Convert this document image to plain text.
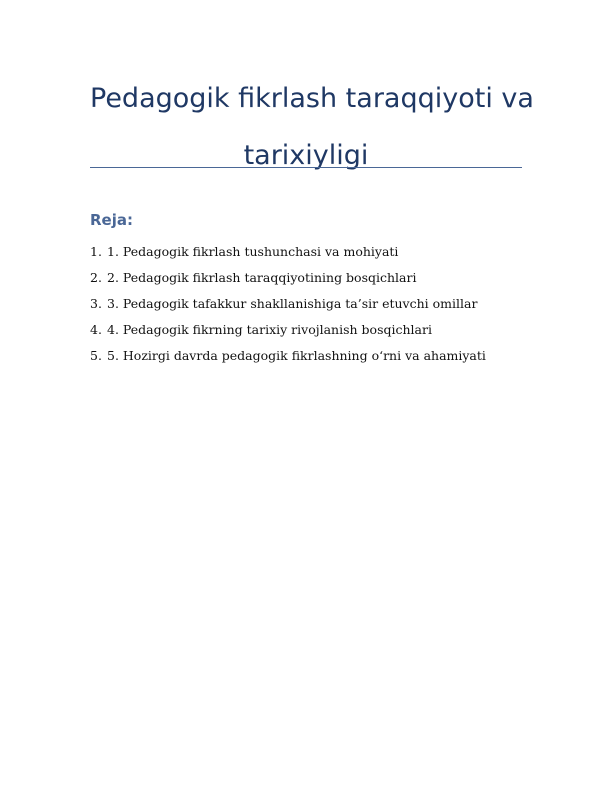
Pedagogik fikrlash taraqqiyoti va
tarixiyligi
Reja:
1. 1. Pedagogik fikrlash tushunchasi va mohiyati
2. 2. Pedagogik fikrlash taraqqiyotining bosqichlari
3. 3. Pedagogik tafakkur shakllanishiga ta’sir etuvchi omillar
4. 4. Pedagogik fikrning tarixiy rivojlanish bosqichlari
5. 5. Hozirgi davrda pedagogik fikrlashning o‘rni va ahamiyati
